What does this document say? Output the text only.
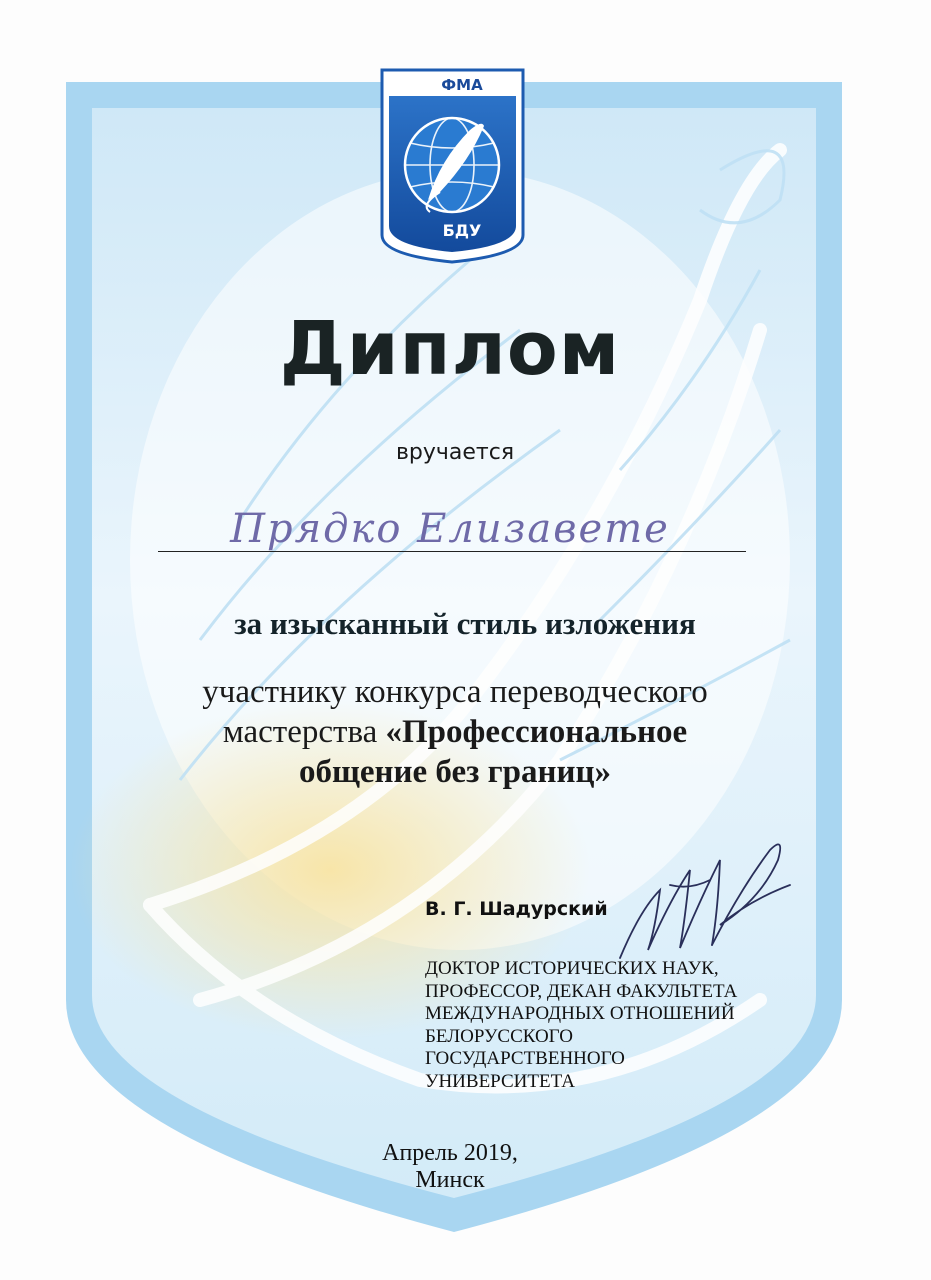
ФМА
БДУ
Диплом
вручается
Прядко Елизавете
за изысканный стиль изложения
участнику конкурса переводческого
мастерства «Профессиональное
общение без границ»
В. Г. Шадурский
ДОКТОР ИСТОРИЧЕСКИХ НАУК,
ПРОФЕССОР, ДЕКАН ФАКУЛЬТЕТА
МЕЖДУНАРОДНЫХ ОТНОШЕНИЙ
БЕЛОРУССКОГО
ГОСУДАРСТВЕННОГО
УНИВЕРСИТЕТА
Апрель 2019,
Минск
